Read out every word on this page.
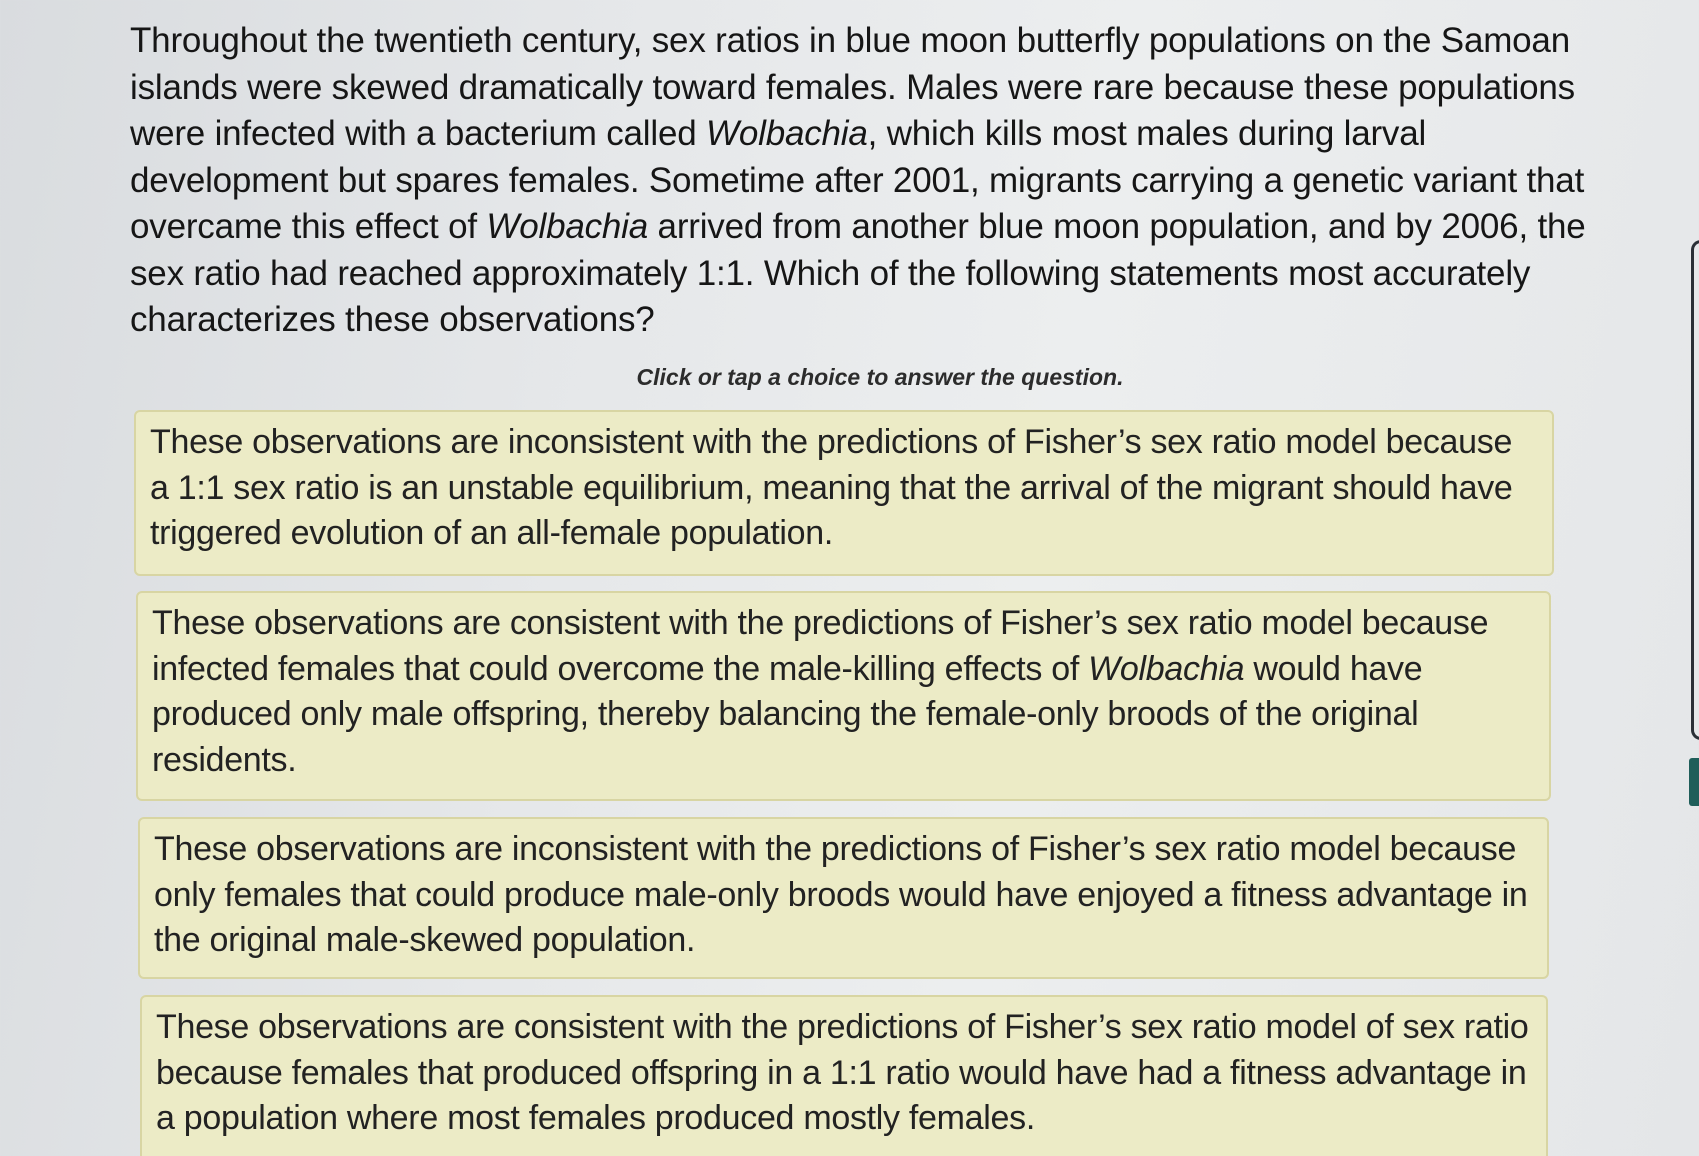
Throughout the twentieth century, sex ratios in blue moon butterfly populations on the Samoan islands were skewed dramatically toward females. Males were rare because these populations were infected with a bacterium called Wolbachia, which kills most males during larval development but spares females. Sometime after 2001, migrants carrying a genetic variant that overcame this effect of Wolbachia arrived from another blue moon population, and by 2006, the sex ratio had reached approximately 1:1. Which of the following statements most accurately characterizes these observations?

Click or tap a choice to answer the question.

These observations are inconsistent with the predictions of Fisher’s sex ratio model because a 1:1 sex ratio is an unstable equilibrium, meaning that the arrival of the migrant should have triggered evolution of an all-female population.
These observations are consistent with the predictions of Fisher’s sex ratio model because infected females that could overcome the male-killing effects of Wolbachia would have produced only male offspring, thereby balancing the female-only broods of the original residents.
These observations are inconsistent with the predictions of Fisher’s sex ratio model because only females that could produce male-only broods would have enjoyed a fitness advantage in the original male-skewed population.
These observations are consistent with the predictions of Fisher’s sex ratio model of sex ratio because females that produced offspring in a 1:1 ratio would have had a fitness advantage in a population where most females produced mostly females.
